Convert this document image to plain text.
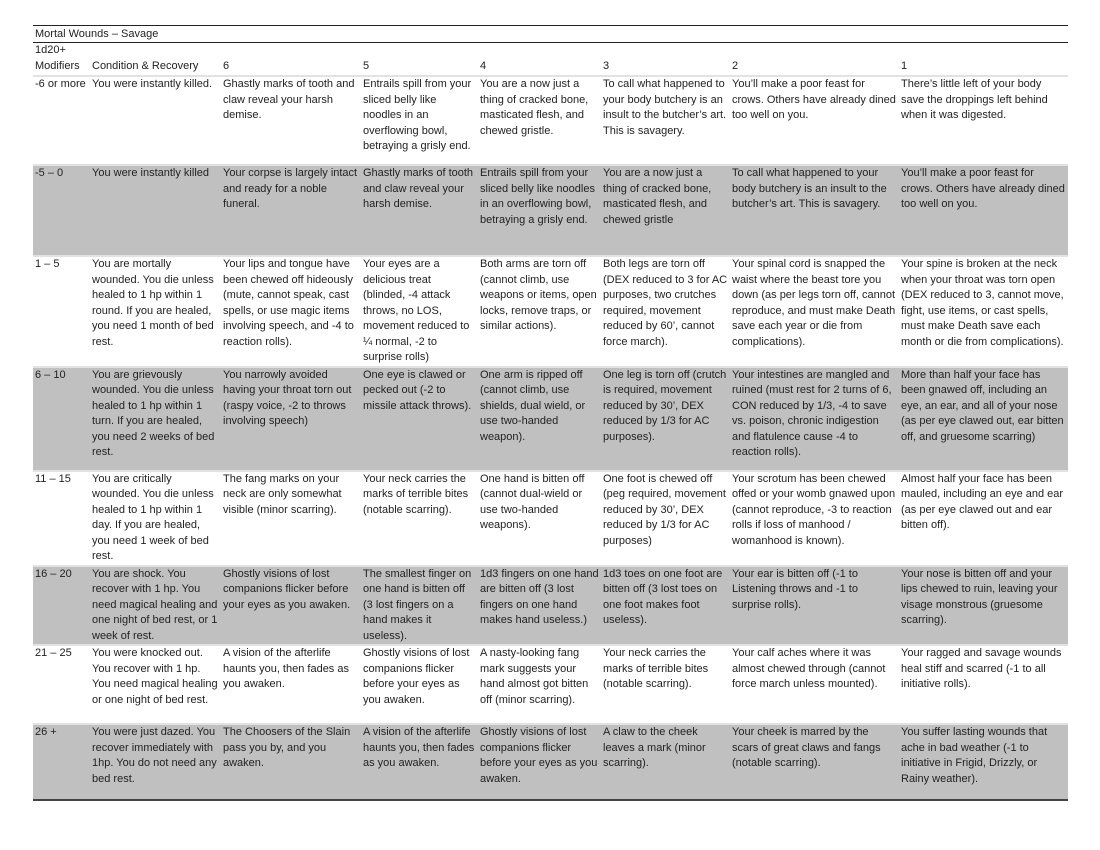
Mortal Wounds – Savage
1d20+ Modifiers	Condition & Recovery	6	5	4	3	2	1
-6 or more	You were instantly killed.	Ghastly marks of tooth and claw reveal your harsh demise.	Entrails spill from your sliced belly like noodles in an overflowing bowl, betraying a grisly end.	You are a now just a thing of cracked bone, masticated flesh, and chewed gristle.	To call what happened to your body butchery is an insult to the butcher’s art. This is savagery.	You’ll make a poor feast for crows. Others have already dined too well on you.	There’s little left of your body save the droppings left behind when it was digested.
-5 – 0	You were instantly killed	Your corpse is largely intact and ready for a noble funeral.	Ghastly marks of tooth and claw reveal your harsh demise.	Entrails spill from your sliced belly like noodles in an overflowing bowl, betraying a grisly end.	You are a now just a thing of cracked bone, masticated flesh, and chewed gristle	To call what happened to your body butchery is an insult to the butcher’s art. This is savagery.	You’ll make a poor feast for crows. Others have already dined too well on you.
1 – 5	You are mortally wounded. You die unless healed to 1 hp within 1 round. If you are healed, you need 1 month of bed rest.	Your lips and tongue have been chewed off hideously (mute, cannot speak, cast spells, or use magic items involving speech, and -4 to reaction rolls).	Your eyes are a delicious treat (blinded, -4 attack throws, no LOS, movement reduced to ¼ normal, -2 to surprise rolls)	Both arms are torn off (cannot climb, use weapons or items, open locks, remove traps, or similar actions).	Both legs are torn off (DEX reduced to 3 for AC purposes, two crutches required, movement reduced by 60’, cannot force march).	Your spinal cord is snapped the waist where the beast tore you down (as per legs torn off, cannot reproduce, and must make Death save each year or die from complications).	Your spine is broken at the neck when your throat was torn open (DEX reduced to 3, cannot move, fight, use items, or cast spells, must make Death save each month or die from complications).
6 – 10	You are grievously wounded. You die unless healed to 1 hp within 1 turn. If you are healed, you need 2 weeks of bed rest.	You narrowly avoided having your throat torn out (raspy voice, -2 to throws involving speech)	One eye is clawed or pecked out (-2 to missile attack throws).	One arm is ripped off (cannot climb, use shields, dual wield, or use two-handed weapon).	One leg is torn off (crutch is required, movement reduced by 30’, DEX reduced by 1/3 for AC purposes).	Your intestines are mangled and ruined (must rest for 2 turns of 6, CON reduced by 1/3, -4 to save vs. poison, chronic indigestion and flatulence cause -4 to reaction rolls).	More than half your face has been gnawed off, including an eye, an ear, and all of your nose (as per eye clawed out, ear bitten off, and gruesome scarring)
11 – 15	You are critically wounded. You die unless healed to 1 hp within 1 day. If you are healed, you need 1 week of bed rest.	The fang marks on your neck are only somewhat visible (minor scarring).	Your neck carries the marks of terrible bites (notable scarring).	One hand is bitten off (cannot dual-wield or use two-handed weapons).	One foot is chewed off (peg required, movement reduced by 30’, DEX reduced by 1/3 for AC purposes)	Your scrotum has been chewed offed or your womb gnawed upon (cannot reproduce, -3 to reaction rolls if loss of manhood / womanhood is known).	Almost half your face has been mauled, including an eye and ear (as per eye clawed out and ear bitten off).
16 – 20	You are shock. You recover with 1 hp. You need magical healing and one night of bed rest, or 1 week of rest.	Ghostly visions of lost companions flicker before your eyes as you awaken.	The smallest finger on one hand is bitten off (3 lost fingers on a hand makes it useless).	1d3 fingers on one hand are bitten off (3 lost fingers on one hand makes hand useless.)	1d3 toes on one foot are bitten off (3 lost toes on one foot makes foot useless).	Your ear is bitten off (-1 to Listening throws and -1 to surprise rolls).	Your nose is bitten off and your lips chewed to ruin, leaving your visage monstrous (gruesome scarring).
21 – 25	You were knocked out. You recover with 1 hp. You need magical healing or one night of bed rest.	A vision of the afterlife haunts you, then fades as you awaken.	Ghostly visions of lost companions flicker before your eyes as you awaken.	A nasty-looking fang mark suggests your hand almost got bitten off (minor scarring).	Your neck carries the marks of terrible bites (notable scarring).	Your calf aches where it was almost chewed through (cannot force march unless mounted).	Your ragged and savage wounds heal stiff and scarred (-1 to all initiative rolls).
26 +	You were just dazed. You recover immediately with 1hp. You do not need any bed rest.	The Choosers of the Slain pass you by, and you awaken.	A vision of the afterlife haunts you, then fades as you awaken.	Ghostly visions of lost companions flicker before your eyes as you awaken.	A claw to the cheek leaves a mark (minor scarring).	Your cheek is marred by the scars of great claws and fangs (notable scarring).	You suffer lasting wounds that ache in bad weather (-1 to initiative in Frigid, Drizzly, or Rainy weather).
